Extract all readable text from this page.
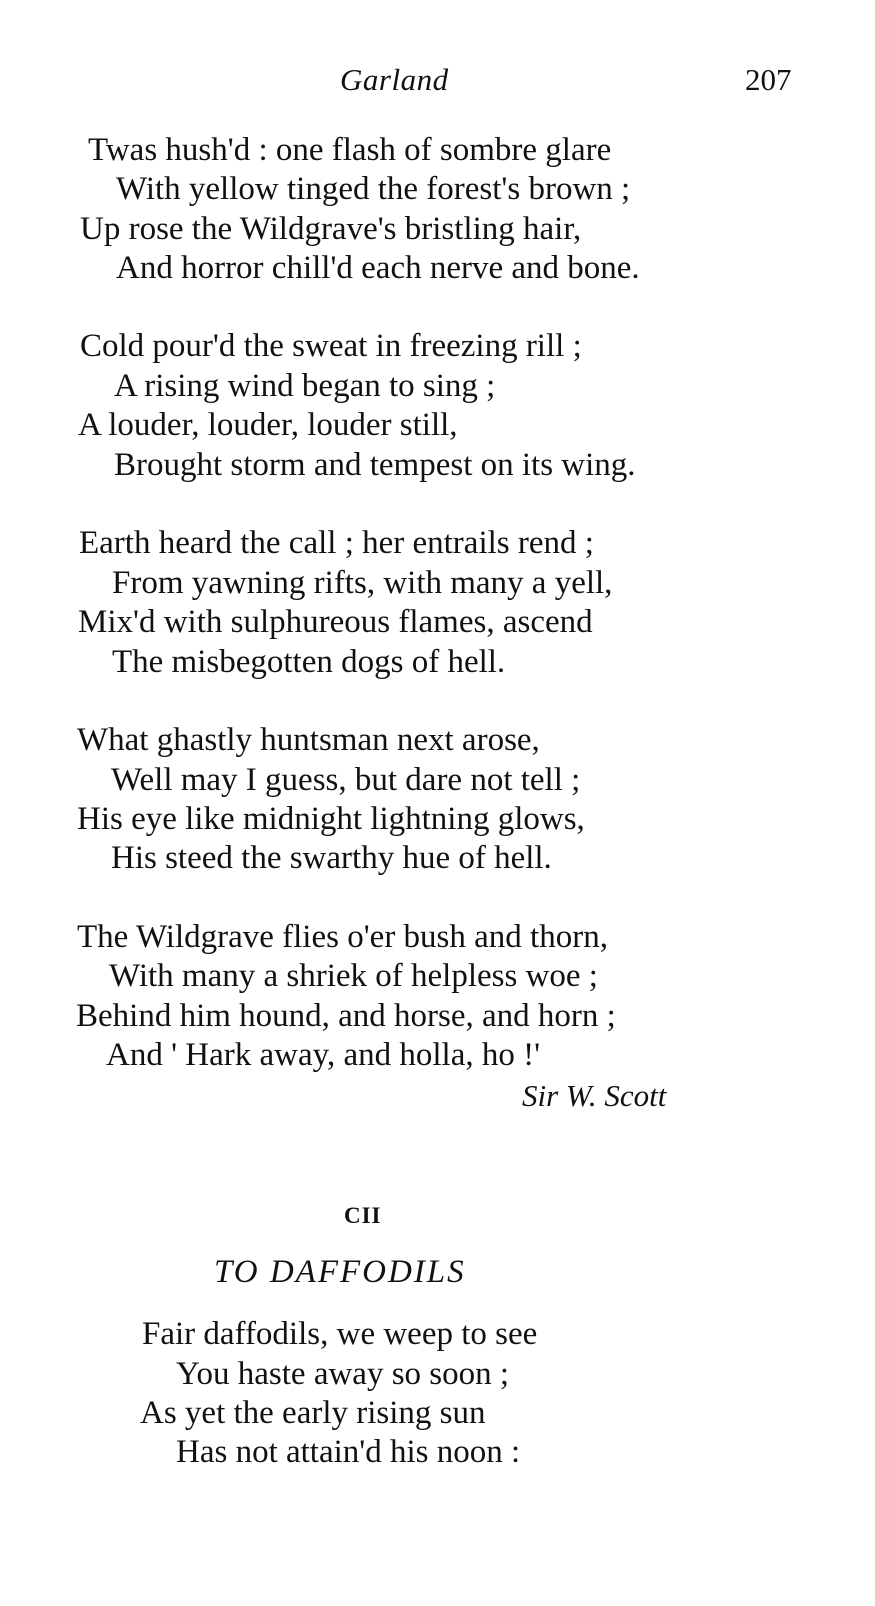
Garland	207
Twas hush'd : one flash of sombre glare
With yellow tinged the forest's brown ;
Up rose the Wildgrave's bristling hair,
And horror chill'd each nerve and bone.
Cold pour'd the sweat in freezing rill ;
A rising wind began to sing ;
A louder, louder, louder still,
Brought storm and tempest on its wing.
Earth heard the call ; her entrails rend ;
From yawning rifts, with many a yell,
Mix'd with sulphureous flames, ascend
The misbegotten dogs of hell.
What ghastly huntsman next arose,
Well may I guess, but dare not tell ;
His eye like midnight lightning glows,
His steed the swarthy hue of hell.
The Wildgrave flies o'er bush and thorn,
With many a shriek of helpless woe ;
Behind him hound, and horse, and horn ;
And ' Hark away, and holla, ho !'
Sir W. Scott
CII
TO DAFFODILS
Fair daffodils, we weep to see
You haste away so soon ;
As yet the early rising sun
Has not attain'd his noon :
